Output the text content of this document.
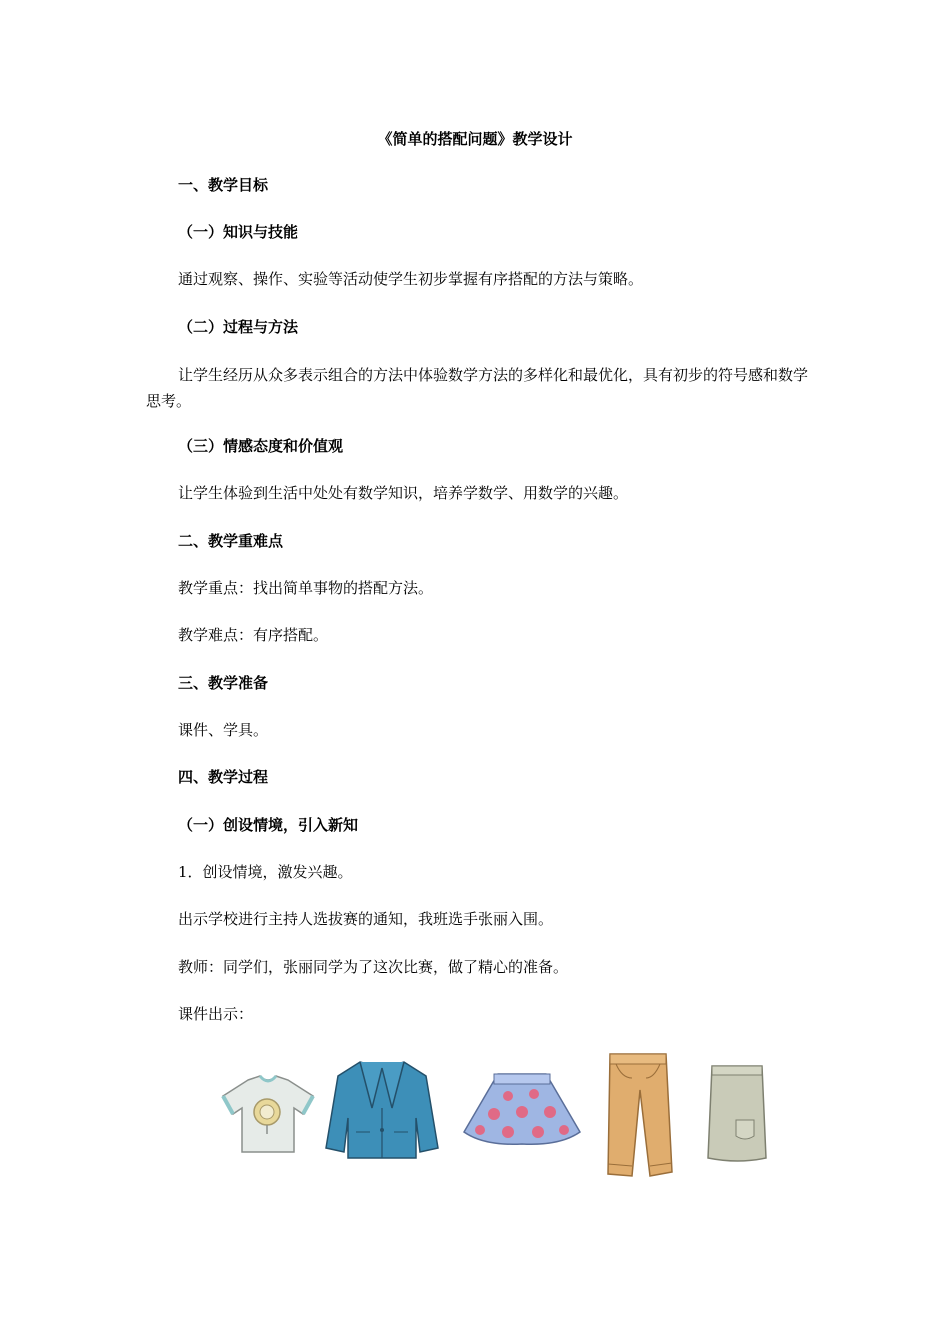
《简单的搭配问题》教学设计
一、教学目标
（一）知识与技能
通过观察、操作、实验等活动使学生初步掌握有序搭配的方法与策略。
（二）过程与方法
让学生经历从众多表示组合的方法中体验数学方法的多样化和最优化，具有初步的符号感和数学思考。
（三）情感态度和价值观
让学生体验到生活中处处有数学知识，培养学数学、用数学的兴趣。
二、教学重难点
教学重点：找出简单事物的搭配方法。
教学难点：有序搭配。
三、教学准备
课件、学具。
四、教学过程
（一）创设情境，引入新知
1．创设情境，激发兴趣。
出示学校进行主持人选拔赛的通知，我班选手张丽入围。
教师：同学们，张丽同学为了这次比赛，做了精心的准备。
课件出示：
